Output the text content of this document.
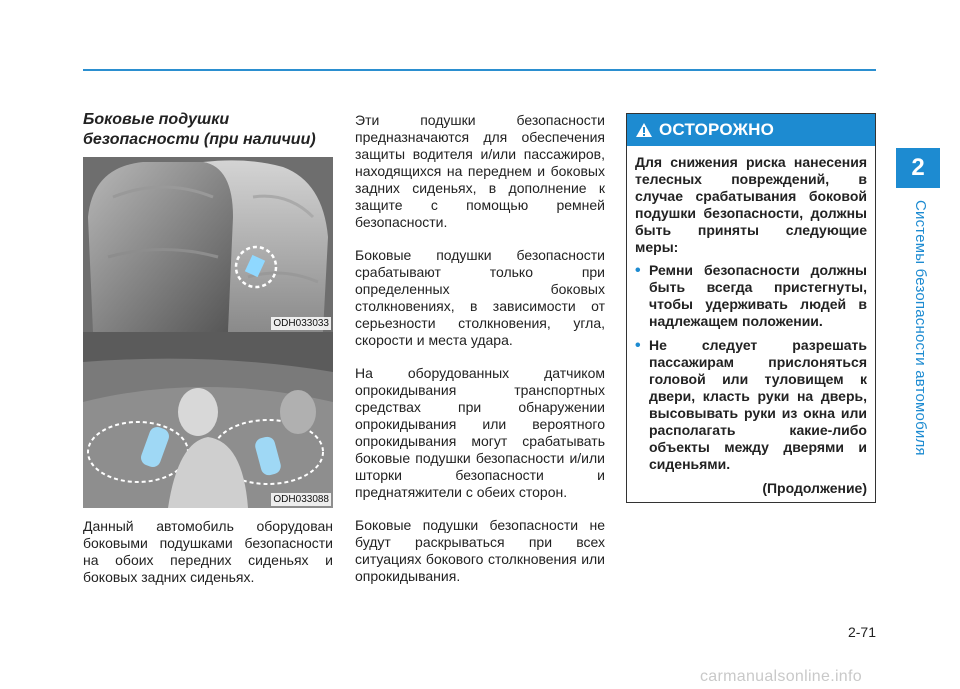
2
Системы безопасности автомобиля

Боковые подушки

безопасности (при наличии)

ODH033033
ODH033088

Данный автомобиль оборудован боковыми подушками безопасности на обоих передних сиденьях и боковых задних сиденьях.

Эти подушки безопасности предназначаются для обеспечения защиты водителя и/или пассажиров, находящихся на переднем и боковых задних сиденьях, в дополнение к защите с помощью ремней безопасности.

Боковые подушки безопасности срабатывают только при определенных боковых столкновениях, в зависимости от серьезности столкновения, угла, скорости и места удара.

На оборудованных датчиком опрокидывания транспортных средствах при обнаружении опрокидывания или вероятного опрокидывания могут срабатывать боковые подушки безопасности и/или шторки безопасности и преднатяжители с обеих сторон.

Боковые подушки безопасности не будут раскрываться при всех ситуациях бокового столкновения или опрокидывания.

ОСТОРОЖНО

Для снижения риска нанесения телесных повреждений, в случае срабатывания боковой подушки безопасности, должны быть приняты следующие меры:

• Ремни безопасности должны быть всегда пристегнуты, чтобы удерживать людей в надлежащем положении.
• Не следует разрешать пассажирам прислоняться головой или туловищем к двери, класть руки на дверь, высовывать руки из окна или располагать какие-либо объекты между дверями и сиденьями.

(Продолжение)

2-71
carmanualsonline.info
